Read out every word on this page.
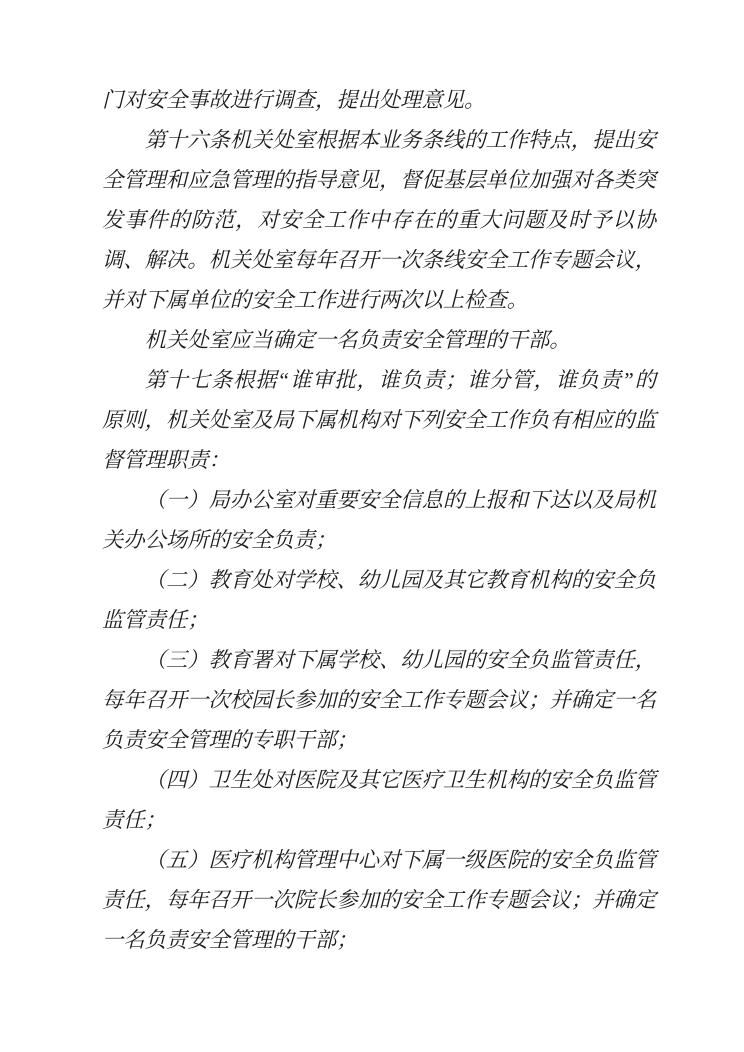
门对安全事故进行调查，提出处理意见。

第十六条机关处室根据本业务条线的工作特点，提出安全管理和应急管理的指导意见，督促基层单位加强对各类突发事件的防范，对安全工作中存在的重大问题及时予以协调、解决。机关处室每年召开一次条线安全工作专题会议，并对下属单位的安全工作进行两次以上检查。

机关处室应当确定一名负责安全管理的干部。

第十七条根据“谁审批，谁负责；谁分管，谁负责”的原则，机关处室及局下属机构对下列安全工作负有相应的监督管理职责：

（一）局办公室对重要安全信息的上报和下达以及局机关办公场所的安全负责；

（二）教育处对学校、幼儿园及其它教育机构的安全负监管责任；

（三）教育署对下属学校、幼儿园的安全负监管责任，每年召开一次校园长参加的安全工作专题会议；并确定一名负责安全管理的专职干部；

（四）卫生处对医院及其它医疗卫生机构的安全负监管责任；

（五）医疗机构管理中心对下属一级医院的安全负监管责任，每年召开一次院长参加的安全工作专题会议；并确定一名负责安全管理的干部；
